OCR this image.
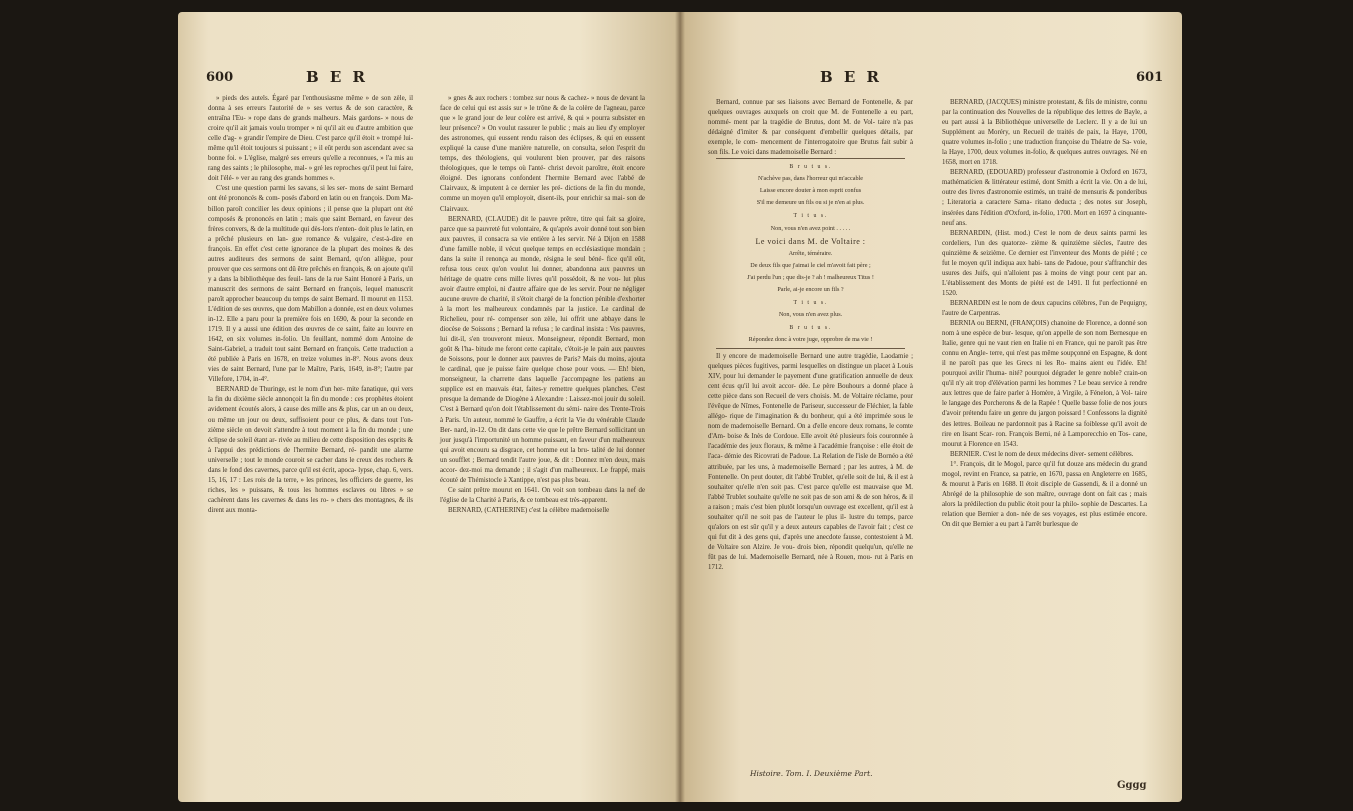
600	B E R

» pieds des autels. Égaré par l'enthousiasme même » de son zèle, il donna à ses erreurs l'autorité de » ses vertus & de son caractère, & entraîna l'Eu- » rope dans de grands malheurs. Mais gardons- » nous de croire qu'il ait jamais voulu tromper » ni qu'il ait eu d'autre ambition que celle d'ag- » grandir l'empire de Dieu. C'est parce qu'il étoit » trompé lui-même qu'il étoit toujours si puissant ; » il eût perdu son ascendant avec sa bonne foi. » L'église, malgré ses erreurs qu'elle a reconnues, » l'a mis au rang des saints ; le philosophe, mal- » gré les reproches qu'il peut lui faire, doit l'élé- » ver au rang des grands hommes ».

C'est une question parmi les savans, si les ser- mons de saint Bernard ont été prononcés & com- posés d'abord en latin ou en françois. Dom Ma- billon paroît concilier les deux opinions ; il pense que la plupart ont été composés & prononcés en latin ; mais que saint Bernard, en faveur des frères convers, & de la multitude qui dès-lors n'enten- doit plus le latin, en a prêché plusieurs en lan- gue romance & vulgaire, c'est-à-dire en françois. En effet c'est cette ignorance de la plupart des moines & des autres auditeurs des sermons de saint Bernard, qu'on allègue, pour prouver que ces sermons ont dû être prêchés en françois, & on ajoute qu'il y a dans la bibliothèque des feuil- lans de la rue Saint Honoré à Paris, un manuscrit des sermons de saint Bernard en françois, lequel manuscrit paroît approcher beaucoup du temps de saint Bernard. Il mourut en 1153. L'édition de ses œuvres, que dom Mabillon a donnée, est en deux volumes in-12. Elle a paru pour la première fois en 1690, & pour la seconde en 1719. Il y a aussi une édition des œuvres de ce saint, faite au louvre en 1642, en six volumes in-folio. Un feuillant, nommé dom Antoine de Saint-Gabriel, a traduit tout saint Bernard en françois. Cette traduction a été publiée à Paris en 1678, en treize volumes in-8°. Nous avons deux vies de saint Bernard, l'une par le Maître, Paris, 1649, in-8°; l'autre par Villefore, 1704, in-4°.

BERNARD de Thuringe, est le nom d'un her- mite fanatique, qui vers la fin du dixième siècle annonçoit la fin du monde : ces prophètes étoient avidement écoutés alors, à cause des mille ans & plus, car un an ou deux, ou même un jour ou deux, suffisoient pour ce plus, & dans tout l'on- zième siècle on devoit s'attendre à tout moment à la fin du monde ; une éclipse de soleil étant ar- rivée au milieu de cette disposition des esprits & à l'appui des prédictions de l'hermite Bernard, ré- pandit une alarme universelle ; tout le monde couroit se cacher dans le creux des rochers & dans le fond des cavernes, parce qu'il est écrit, apoca- lypse, chap. 6, vers. 15, 16, 17 : Les rois de la terre, » les princes, les officiers de guerre, les riches, les » puissans, & tous les hommes esclaves ou libres » se cachèrent dans les cavernes & dans les ro- » chers des montagnes, & ils dirent aux monta-

» gnes & aux rochers : tombez sur nous & cachez- » nous de devant la face de celui qui est assis sur » le trône & de la colère de l'agneau, parce que » le grand jour de leur colère est arrivé, & qui » pourra subsister en leur présence? » On voulut rassurer le public ; mais au lieu d'y employer des astronomes, qui eussent rendu raison des éclipses, & qui en eussent expliqué la cause d'une manière naturelle, on consulta, selon l'esprit du temps, des théologiens, qui voulurent bien prouver, par des raisons théologiques, que le temps où l'anté- christ devoit paroître, étoit encore éloigné. Des ignorans confondent l'hermite Bernard avec l'abbé de Clairvaux, & imputent à ce dernier les pré- dictions de la fin du monde, comme un moyen qu'il employoit, disent-ils, pour enrichir sa mai- son de Clairvaux.

BERNARD, (CLAUDE) dit le pauvre prêtre, titre qui fait sa gloire, parce que sa pauvreté fut volontaire, & qu'après avoir donné tout son bien aux pauvres, il consacra sa vie entière à les servir. Né à Dijon en 1588 d'une famille noble, il vécut quelque temps en ecclésiastique mondain ; dans la suite il renonça au monde, résigna le seul béné- fice qu'il eût, refusa tous ceux qu'on voulut lui donner, abandonna aux pauvres un héritage de quatre cens mille livres qu'il possédoit, & ne vou- lut plus avoir d'autre emploi, ni d'autre affaire que de les servir. Pour ne négliger aucune œuvre de charité, il s'étoit chargé de la fonction pénible d'exhorter à la mort les malheureux condamnés par la justice. Le cardinal de Richelieu, pour ré- compenser son zèle, lui offrit une abbaye dans le diocèse de Soissons ; Bernard la refusa ; le cardinal insista : Vos pauvres, lui dit-il, s'en trouveront mieux. Monseigneur, répondit Bernard, mon goût & l'ha- bitude me feront cette capitale, c'étoit-je le pain aux pauvres de Soissons, pour le donner aux pauvres de Paris? Mais du moins, ajouta le cardinal, que je puisse faire quelque chose pour vous. — Eh! bien, monseigneur, la charrette dans laquelle j'accompagne les patiens au supplice est en mauvais état, faites-y remettre quelques planches. C'est presque la demande de Diogène à Alexandre : Laissez-moi jouir du soleil. C'est à Bernard qu'on doit l'établissement du sémi- naire des Trente-Trois à Paris. Un auteur, nommé le Gauffre, a écrit la Vie du vénérable Claude Ber- nard, in-12. On dit dans cette vie que le prêtre Bernard sollicitant un jour jusqu'à l'importunité un homme puissant, en faveur d'un malheureux qui avoit encouru sa disgrace, cet homme eut la bru- talité de lui donner un soufflet ; Bernard tendit l'autre joue, & dit : Donnez m'en deux, mais accor- dez-moi ma demande ; il s'agit d'un malheureux. Le frappé, mais écouté de Thémistocle à Xantippe, n'est pas plus beau.

Ce saint prêtre mourut en 1641. On voit son tombeau dans la nef de l'église de la Charité à Paris, & ce tombeau est très-apparent.

BERNARD, (CATHERINE) c'est la célèbre mademoiselle

B E R	601

Bernard, connue par ses liaisons avec Bernard de Fontenelle, & par quelques ouvrages auxquels on croit que M. de Fontenelle a eu part, nommé- ment par la tragédie de Brutus, dont M. de Vol- taire n'a pas dédaigné d'imiter & par conséquent d'embellir quelques détails, par exemple, le com- mencement de l'interrogatoire que Brutus fait subir à son fils. Le voici dans mademoiselle Bernard :

B r u t u s.

N'achève pas, dans l'horreur qui m'accable

Laisse encore douter à mon esprit confus

S'il me demeure un fils ou si je n'en ai plus.

T i t u s.

Non, vous n'en avez point . . . . .

Le voici dans M. de Voltaire :

Arrête, téméraire.

De deux fils que j'aimai le ciel m'avoit fait père ;

J'ai perdu l'un ; que dis-je ? ah ! malheureux Titus !

Parle, ai-je encore un fils ?

T i t u s.

Non, vous n'en avez plus.

B r u t u s.

Répondez donc à votre juge, opprobre de ma vie !

Il y encore de mademoiselle Bernard une autre tragédie, Laodamie ; quelques pièces fugitives, parmi lesquelles on distingue un placet à Louis XIV, pour lui demander le payement d'une gratification annuelle de deux cent écus qu'il lui avoit accor- dée. Le père Bouhours a donné place à cette pièce dans son Recueil de vers choisis. M. de Voltaire réclame, pour l'évêque de Nîmes, Fontenelle de Pariseur, successeur de Fléchier, la fable allégo- rique de l'imagination & du bonheur, qui a été imprimée sous le nom de mademoiselle Bernard. On a d'elle encore deux romans, le comte d'Am- boise & Inès de Cordoue. Elle avoit été plusieurs fois couronnée à l'académie des jeux floraux, & même à l'académie françoise : elle étoit de l'aca- démie des Ricovrati de Padoue. La Relation de l'isle de Bornéo a été attribuée, par les uns, à mademoiselle Bernard ; par les autres, à M. de Fontenelle. On peut douter, dit l'abbé Trublet, qu'elle soit de lui, & il est à souhaiter qu'elle n'en soit pas. C'est parce qu'elle est mauvaise que M. l'abbé Trublet souhaite qu'elle ne soit pas de son ami & de son héros, & il a raison ; mais c'est bien plutôt lorsqu'un ouvrage est excellent, qu'il est à souhaiter qu'il ne soit pas de l'auteur le plus il- lustre du temps, parce qu'alors on est sûr qu'il y a deux auteurs capables de l'avoir fait ; c'est ce qui fut dit à des gens qui, d'après une anecdote fausse, contestoient à M. de Voltaire son Alzire. Je vou- drois bien, répondit quelqu'un, qu'elle ne fût pas de lui. Mademoiselle Bernard, née à Rouen, mou- rut à Paris en 1712.

Histoire. Tom. I. Deuxième Part.

BERNARD, (JACQUES) ministre protestant, & fils de ministre, connu par la continuation des Nouvelles de la république des lettres de Bayle, a eu part aussi à la Bibliothèque universelle de Leclerc. Il y a de lui un Supplément au Moréry, un Recueil de traités de paix, la Haye, 1700, quatre volumes in-folio ; une traduction françoise du Théatre de Sa- voie, la Haye, 1700, deux volumes in-folio, & quelques autres ouvrages. Né en 1658, mort en 1718.

BERNARD, (EDOUARD) professeur d'astronomie à Oxford en 1673, mathématicien & littérateur estimé, dont Smith a écrit la vie. On a de lui, outre des livres d'astronomie estimés, un traité de mensuris & ponderibus ; Literatoria a caractere Sama- ritano deducta ; des notes sur Joseph, insérées dans l'édition d'Oxford, in-folio, 1700. Mort en 1697 à cinquante-neuf ans.

BERNARDIN, (Hist. mod.) C'est le nom de deux saints parmi les cordeliers, l'un des quatorze- zième & quinzième siècles, l'autre des quinzième & seizième. Ce dernier est l'inventeur des Monts de piété ; ce fut le moyen qu'il indiqua aux habi- tans de Padoue, pour s'affranchir des usures des Juifs, qui n'alloient pas à moins de vingt pour cent par an. L'établissement des Monts de piété est de 1491. Il fut perfectionné en 1520.

BERNARDIN est le nom de deux capucins célèbres, l'un de Pequigny, l'autre de Carpentras.

BERNIA ou BERNI, (FRANÇOIS) chanoine de Florence, a donné son nom à une espèce de bur- lesque, qu'on appelle de son nom Bernesque en Italie, genre qui ne vaut rien en Italie ni en France, qui ne paroît pas être connu en Angle- terre, qui n'est pas même soupçonné en Espagne, & dont il ne paroît pas que les Grecs ni les Ro- mains aient eu l'idée. Eh! pourquoi avilir l'huma- nité? pourquoi dégrader le genre noble? crain-on qu'il n'y ait trop d'élévation parmi les hommes ? Le beau service à rendre aux lettres que de faire parler à Homère, à Virgile, à Fénelon, à Vol- taire le langage des Porcherons & de la Rapée ! Quelle basse folie de nos jours d'avoir prétendu faire un genre du jargon poissard ! Confessons la dignité des lettres. Boileau ne pardonnoit pas à Racine sa foiblesse qu'il avoit de rire en lisant Scar- ron. François Berni, né à Lamporecchio en Tos- cane, mourut à Florence en 1543.

BERNIER. C'est le nom de deux médecins diver- sement célèbres.

1°. François, dit le Mogol, parce qu'il fut douze ans médecin du grand mogol, revint en France, sa patrie, en 1670, passa en Angleterre en 1685, & mourut à Paris en 1688. Il étoit disciple de Gassendi, & il a donné un Abrégé de la philosophie de son maître, ouvrage dont on fait cas ; mais alors la prédilection du public étoit pour la philo- sophie de Descartes. La relation que Bernier a don- née de ses voyages, est plus estimée encore. On dit que Bernier a eu part à l'arrêt burlesque de

Gggg
